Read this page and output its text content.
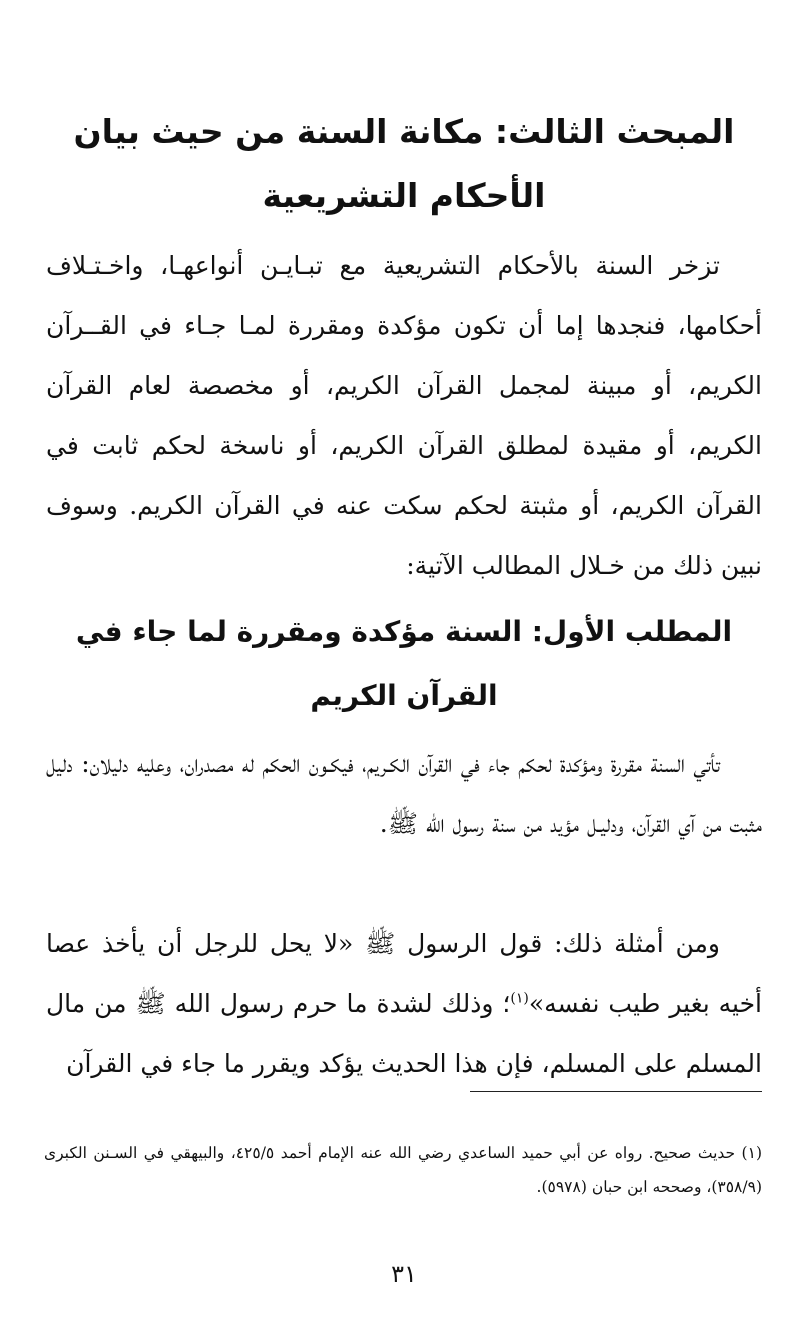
المبحث الثالث: مكانة السنة من حيث بيان الأحكام التشريعية
تزخر السنة بالأحكام التشريعية مع تبـايـن أنواعهـا، واخـتـلاف أحكامها، فنجدها إما أن تكون مؤكدة ومقررة لمـا جـاء في القــرآن الكريم، أو مبينة لمجمل القرآن الكريم، أو مخصصة لعام القرآن الكريم، أو مقيدة لمطلق القرآن الكريم، أو ناسخة لحكم ثابت في القرآن الكريم، أو مثبتة لحكم سكت عنه في القرآن الكريم. وسوف نبين ذلك من خـلال المطالب الآتية:
المطلب الأول: السنة مؤكدة ومقررة لما جاء في القرآن الكريم
تأتي السنة مقررة ومؤكدة لحكم جاء في القرآن الكـريم، فيكـون الحكم له مصدران، وعليه دليلان: دليل مثبت من آي القرآن، ودليـل مؤيد من سنة رسول الله ﷺ.
ومن أمثلة ذلك: قول الرسول ﷺ «لا يحل للرجل أن يأخذ عصا أخيه بغير طيب نفسه»$^{(١)}$؛ وذلك لشدة ما حرم رسول الله ﷺ من مال المسلم على المسلم، فإن هذا الحديث يؤكد ويقرر ما جاء في القرآن
(١) حديث صحيح. رواه عن أبي حميد الساعدي رضي الله عنه الإمام أحمد ٤٢٥/٥، والبيهقي في السـنن الكبرى (٣٥٨/٩)، وصححه ابن حبان (٥٩٧٨).
٣١
